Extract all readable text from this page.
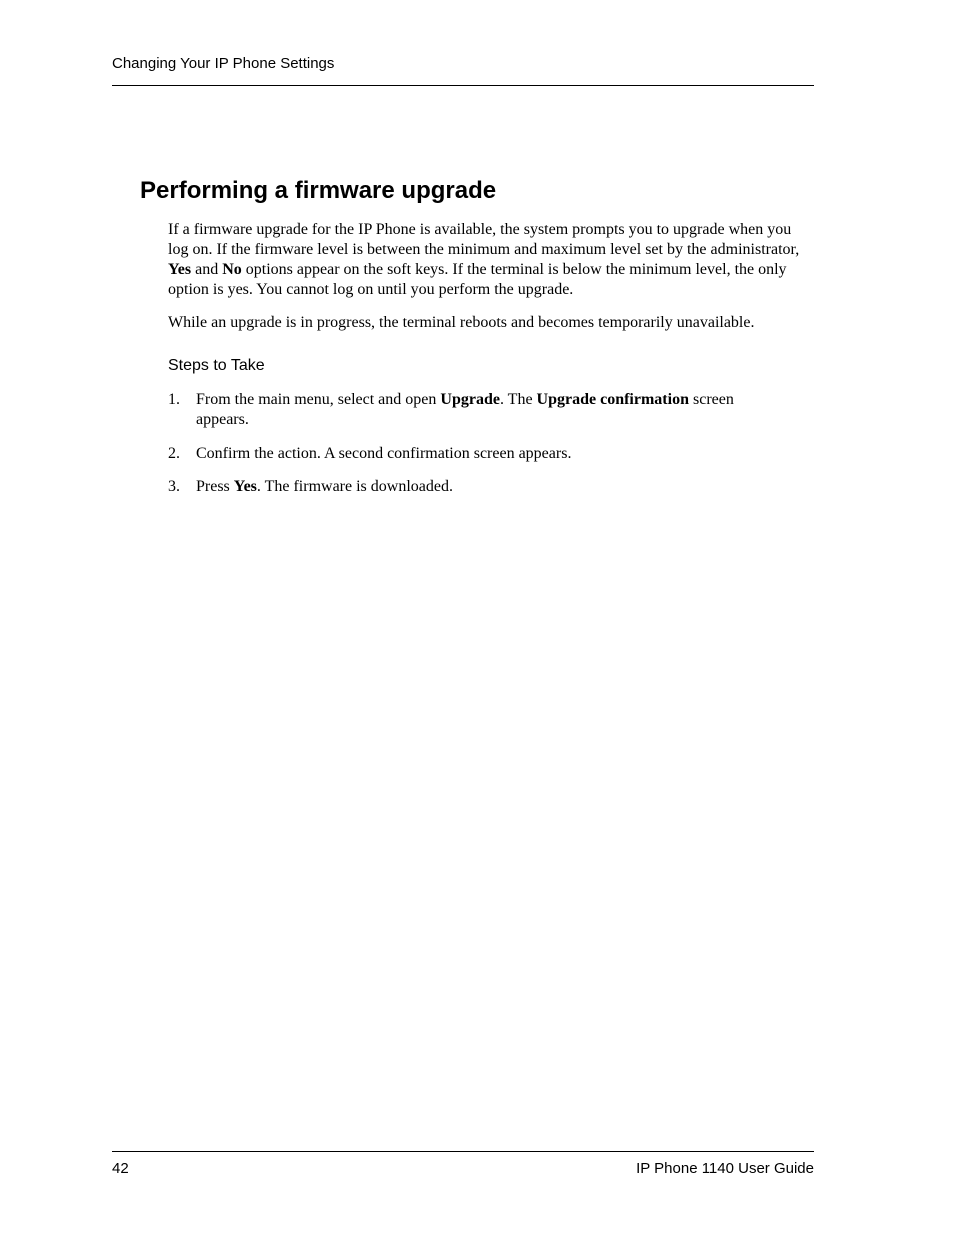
Changing Your IP Phone Settings
Performing a firmware upgrade

If a firmware upgrade for the IP Phone is available, the system prompts you to upgrade when you log on. If the firmware level is between the minimum and maximum level set by the administrator, Yes and No options appear on the soft keys. If the terminal is below the minimum level, the only option is yes. You cannot log on until you perform the upgrade.

While an upgrade is in progress, the terminal reboots and becomes temporarily unavailable.

Steps to Take
1.	From the main menu, select and open Upgrade. The Upgrade confirmation screen appears.
2.	Confirm the action. A second confirmation screen appears.
3.	Press Yes. The firmware is downloaded.
42	IP Phone 1140 User Guide
